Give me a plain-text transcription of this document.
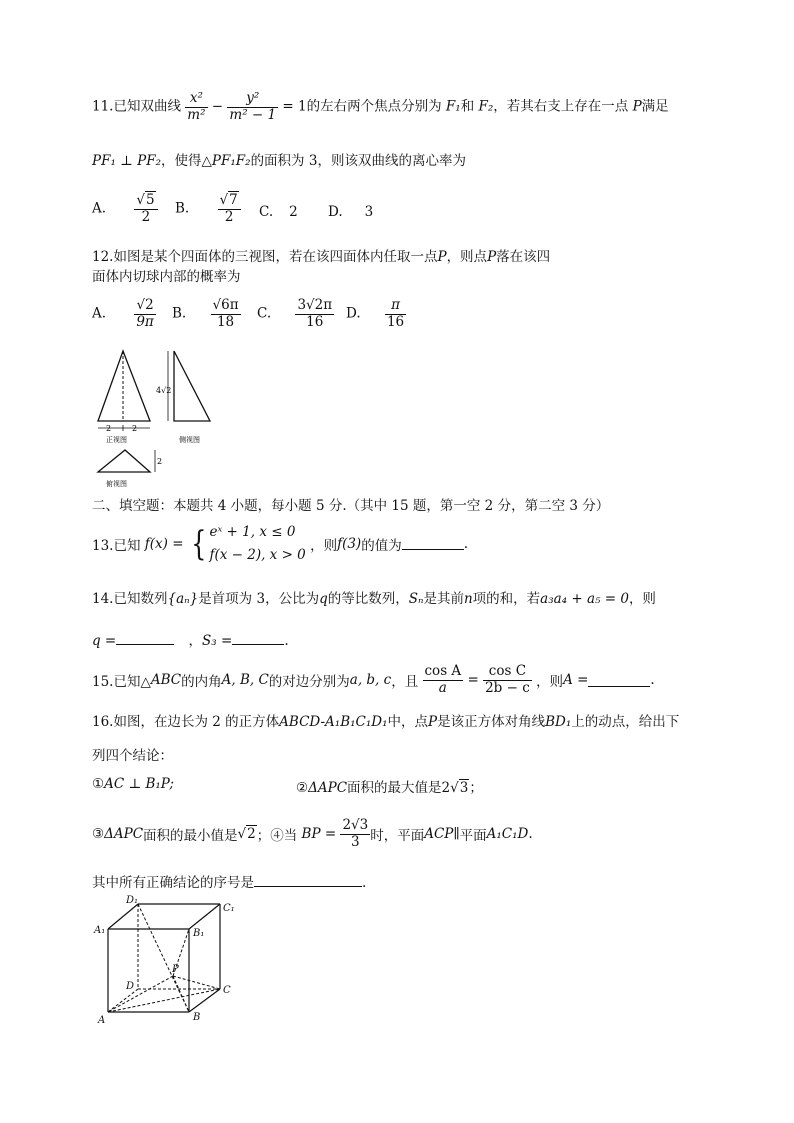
11.已知双曲线 $\frac{\text{x²}}{\text{m²}} - \frac{\text{y²}}{\text{m² − 1}} = 1$的左右两个焦点分别为 F₁和 F₂，若其右支上存在一点 P满足
PF₁ ⊥ PF₂，使得△PF₁F₂的面积为 3，则该双曲线的离心率为
A. $\frac{√5}{2} B$. $\frac{√7}{2} C$. 2 D. 3
12.如图是某个四面体的三视图，若在该四面体内任取一点P，则点P落在该四
面体内切球内部的概率为
A. $\frac{√2}{9\pi} B$. $\frac{√6\pi}{18} C$. $\frac{3√2\pi}{16} D$. $\frac{\pi}{16}$
2	2
正视图
4√2
侧视图
2
俯视图
二、填空题：本题共 4 小题，每小题 5 分.（其中 15 题，第一空 2 分，第二空 3 分）
13.已知 f(x) = { eˣ + 1, x ≤ 0
f(x − 2), x > 0
，则f(3)的值为	.
14.已知数列{aₙ}是首项为 3，公比为q的等比数列，Sₙ是其前n项的和，若a₃a₄ + a₅ = 0，则
q =	，S₃ =	.
15.已知△ABC的内角A, B, C的对边分别为a, b, c，且 $\frac{\text{cos A}}{a} = \frac{\text{cos C}}{2b - c}$ ，则A =	.
16.如图，在边长为 2 的正方体ABCD-A₁B₁C₁D₁中，点P是该正方体对角线BD₁上的动点，给出下
列四个结论：
①AC ⊥ B₁P;	②ΔAPC面积的最大值是2√3；
③ΔAPC面积的最小值是√2；④当 BP = $\frac{2√3}{3}$ 时，平面ACP∥平面A₁C₁D.
其中所有正确结论的序号是	.
D₁
C₁
A₁	B₁
P
D	C
A	B
